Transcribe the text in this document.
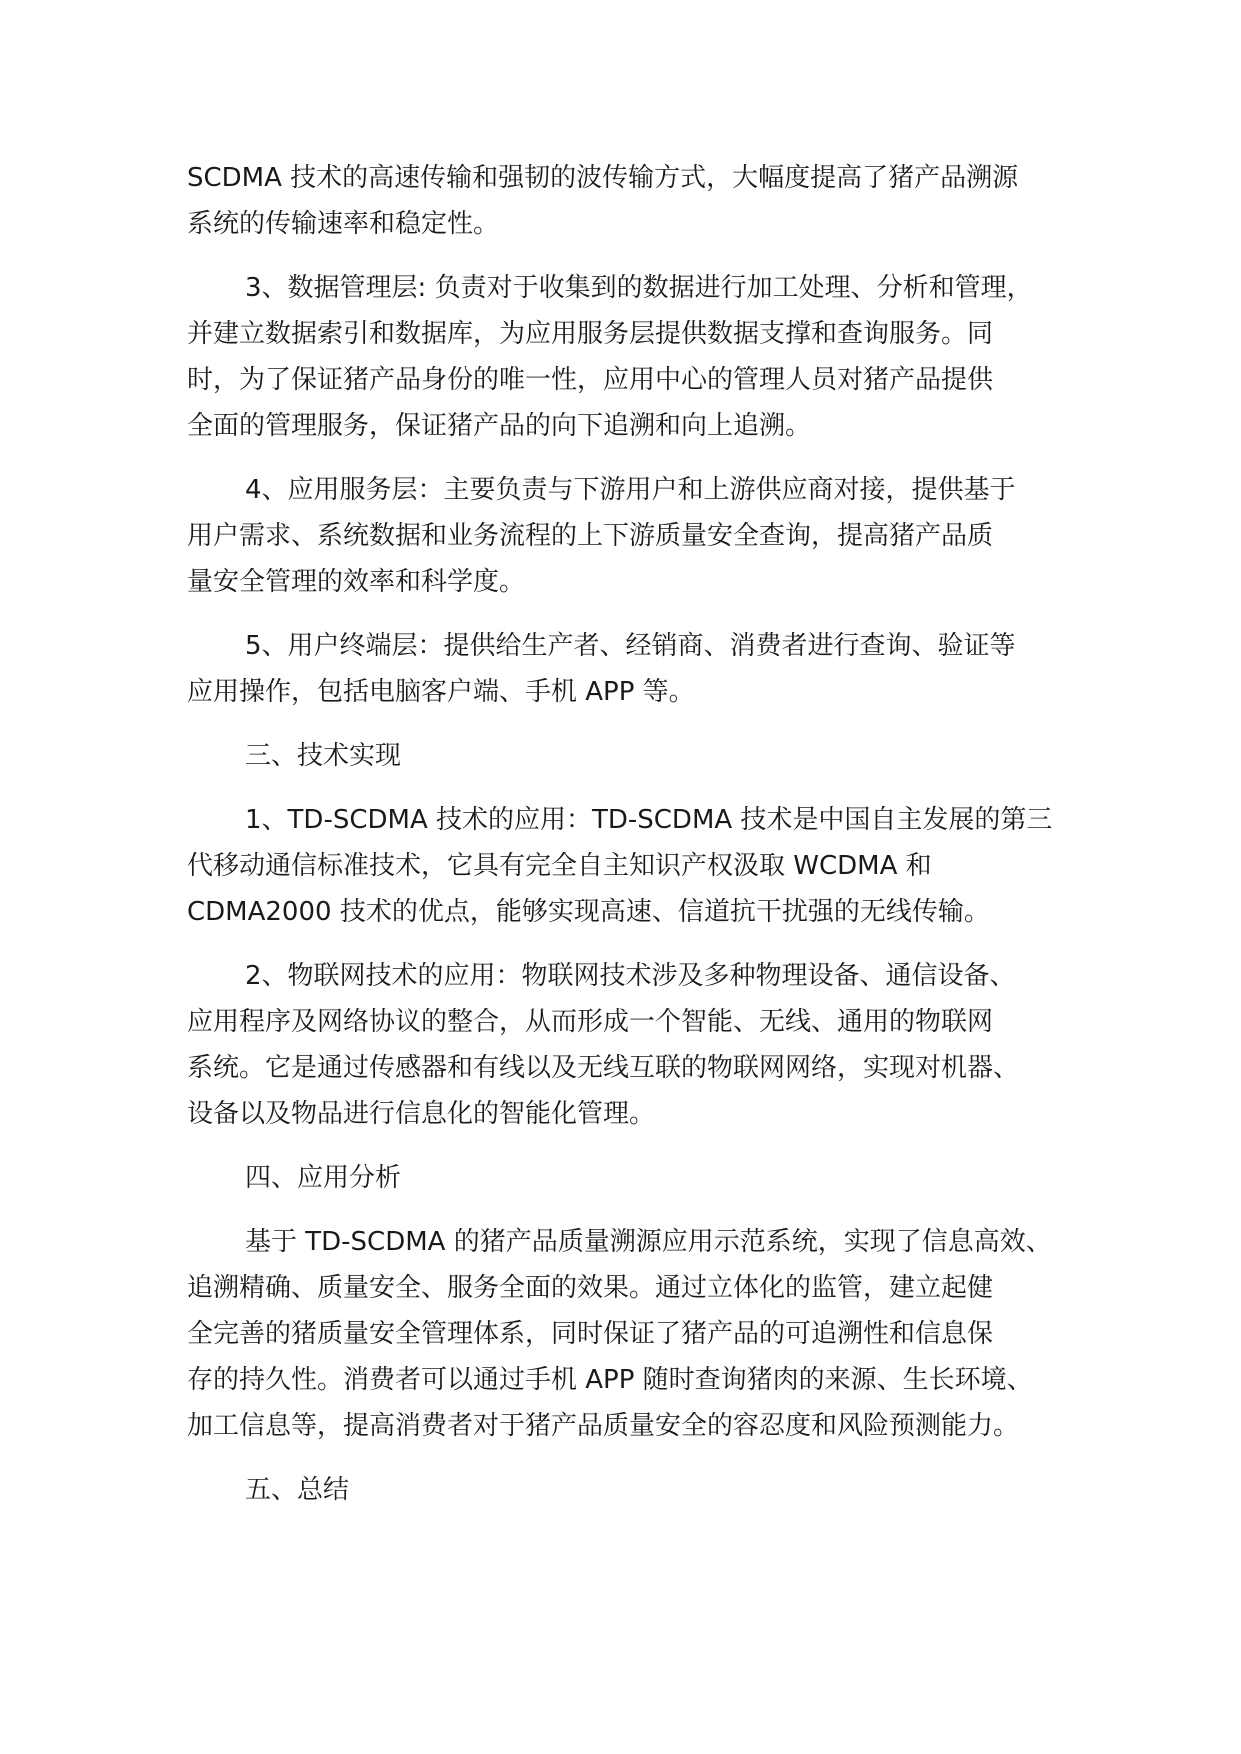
SCDMA 技术的高速传输和强韧的波传输方式，大幅度提高了猪产品溯源
系统的传输速率和稳定性。
3、数据管理层: 负责对于收集到的数据进行加工处理、分析和管理，
并建立数据索引和数据库，为应用服务层提供数据支撑和查询服务。同
时，为了保证猪产品身份的唯一性，应用中心的管理人员对猪产品提供
全面的管理服务，保证猪产品的向下追溯和向上追溯。
4、应用服务层：主要负责与下游用户和上游供应商对接，提供基于
用户需求、系统数据和业务流程的上下游质量安全查询，提高猪产品质
量安全管理的效率和科学度。
5、用户终端层：提供给生产者、经销商、消费者进行查询、验证等
应用操作，包括电脑客户端、手机 APP 等。
三、技术实现
1、TD-SCDMA 技术的应用：TD-SCDMA 技术是中国自主发展的第三
代移动通信标准技术，它具有完全自主知识产权汲取 WCDMA 和
CDMA2000 技术的优点，能够实现高速、信道抗干扰强的无线传输。
2、物联网技术的应用：物联网技术涉及多种物理设备、通信设备、
应用程序及网络协议的整合，从而形成一个智能、无线、通用的物联网
系统。它是通过传感器和有线以及无线互联的物联网网络，实现对机器、
设备以及物品进行信息化的智能化管理。
四、应用分析
基于 TD-SCDMA 的猪产品质量溯源应用示范系统，实现了信息高效、
追溯精确、质量安全、服务全面的效果。通过立体化的监管，建立起健
全完善的猪质量安全管理体系，同时保证了猪产品的可追溯性和信息保
存的持久性。消费者可以通过手机 APP 随时查询猪肉的来源、生长环境、
加工信息等，提高消费者对于猪产品质量安全的容忍度和风险预测能力。
五、总结
